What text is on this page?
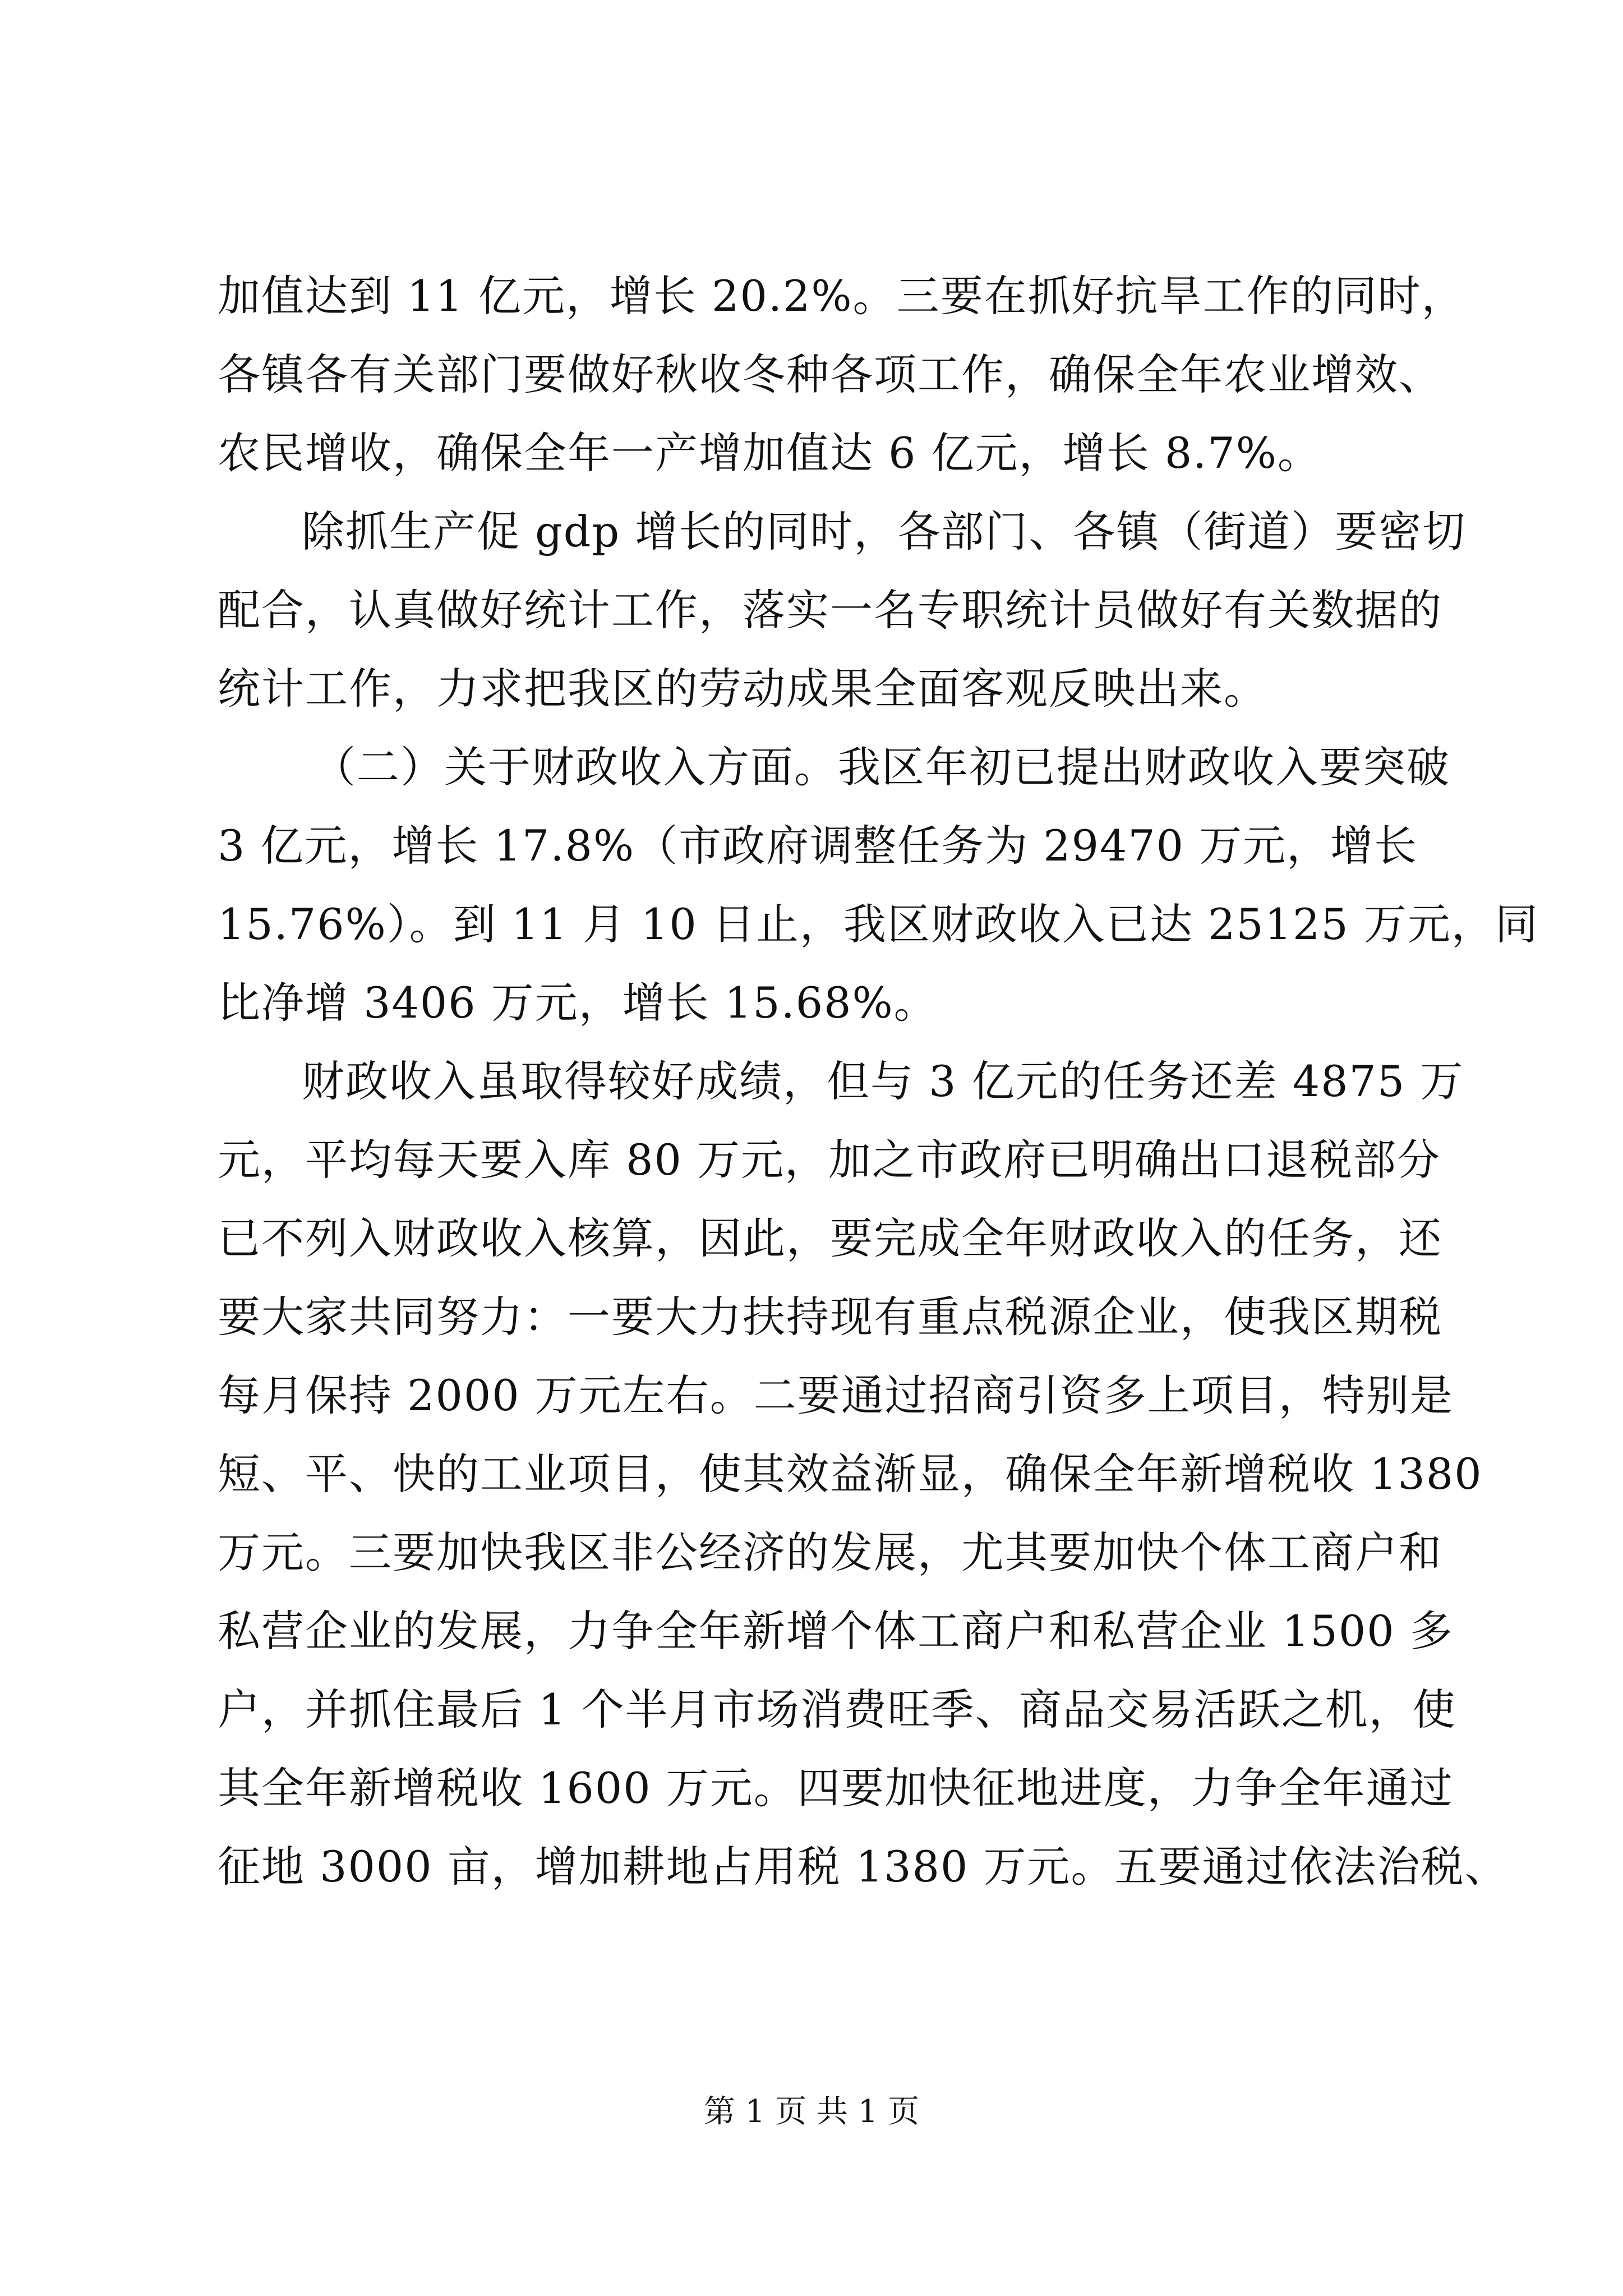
加值达到 11 亿元，增长 20.2%。三要在抓好抗旱工作的同时，
各镇各有关部门要做好秋收冬种各项工作，确保全年农业增效、
农民增收，确保全年一产增加值达 6 亿元，增长 8.7%。
除抓生产促 gdp 增长的同时，各部门、各镇（街道）要密切
配合，认真做好统计工作，落实一名专职统计员做好有关数据的
统计工作，力求把我区的劳动成果全面客观反映出来。
（二）关于财政收入方面。我区年初已提出财政收入要突破
3 亿元，增长 17.8%（市政府调整任务为 29470 万元，增长
15.76%）。到 11 月 10 日止，我区财政收入已达 25125 万元，同
比净增 3406 万元，增长 15.68%。
财政收入虽取得较好成绩，但与 3 亿元的任务还差 4875 万
元，平均每天要入库 80 万元，加之市政府已明确出口退税部分
已不列入财政收入核算，因此，要完成全年财政收入的任务，还
要大家共同努力：一要大力扶持现有重点税源企业，使我区期税
每月保持 2000 万元左右。二要通过招商引资多上项目，特别是
短、平、快的工业项目，使其效益渐显，确保全年新增税收 1380
万元。三要加快我区非公经济的发展，尤其要加快个体工商户和
私营企业的发展，力争全年新增个体工商户和私营企业 1500 多
户，并抓住最后 1 个半月市场消费旺季、商品交易活跃之机，使
其全年新增税收 1600 万元。四要加快征地进度，力争全年通过
征地 3000 亩，增加耕地占用税 1380 万元。五要通过依法治税、
第 1 页 共 1 页
